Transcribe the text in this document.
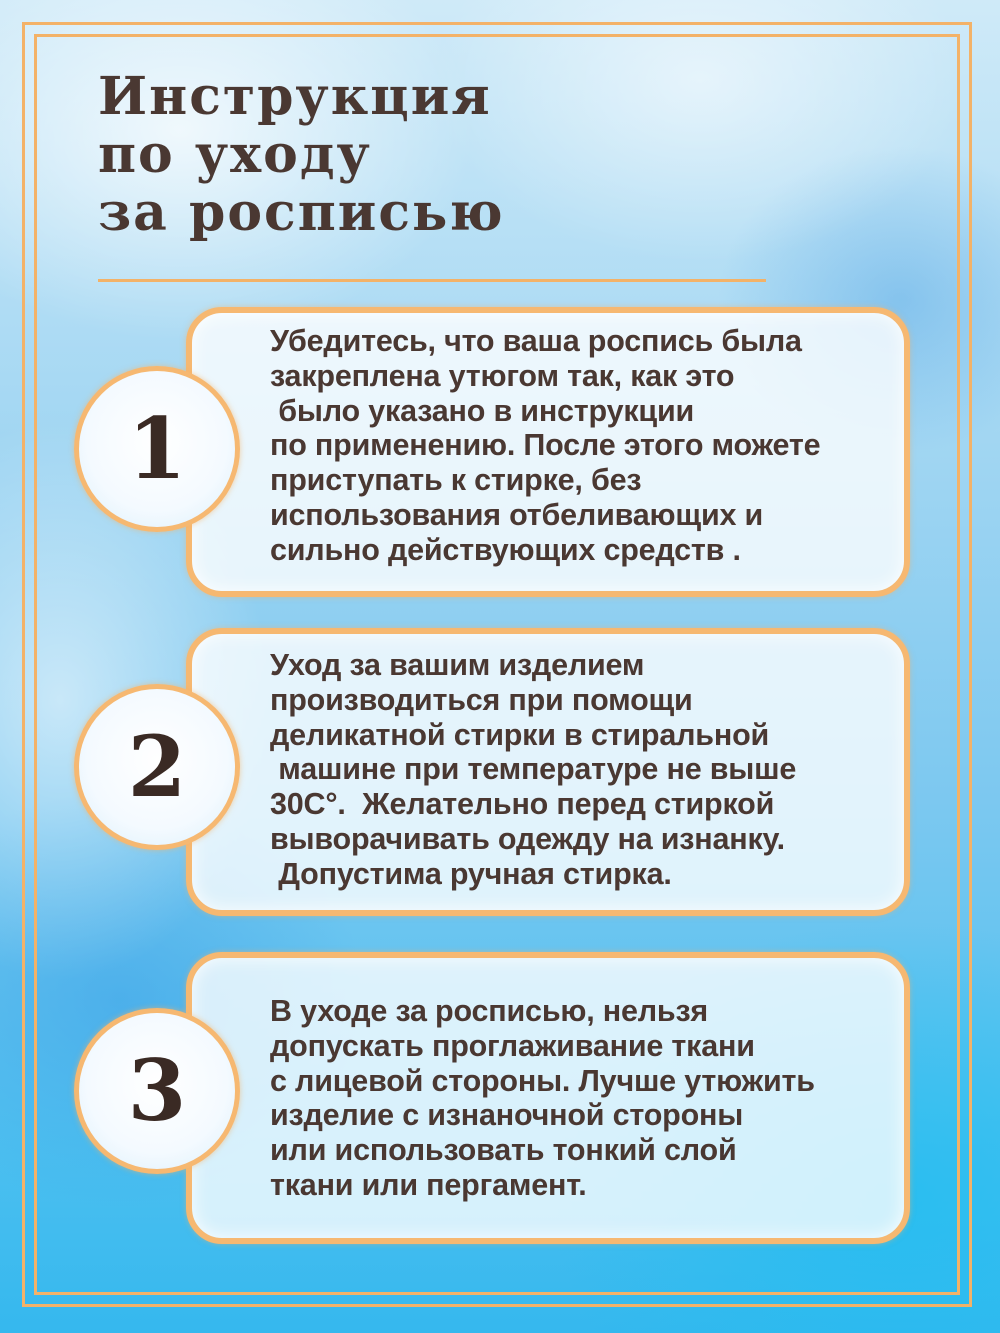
Инструкция
по уходу
за росписью
1
Убедитесь, что ваша роспись была
закреплена утюгом так, как это
было указано в инструкции
по применению. После этого можете
приступать к стирке, без
использования отбеливающих и
сильно действующих средств .
2
Уход за вашим изделием
производиться при помощи
деликатной стирки в стиральной
машине при температуре не выше
30С°.  Желательно перед стиркой
выворачивать одежду на изнанку.
Допустима ручная стирка.
3
В уходе за росписью, нельзя
допускать проглаживание ткани
с лицевой стороны. Лучше утюжить
изделие с изнаночной стороны
или использовать тонкий слой
ткани или пергамент.
